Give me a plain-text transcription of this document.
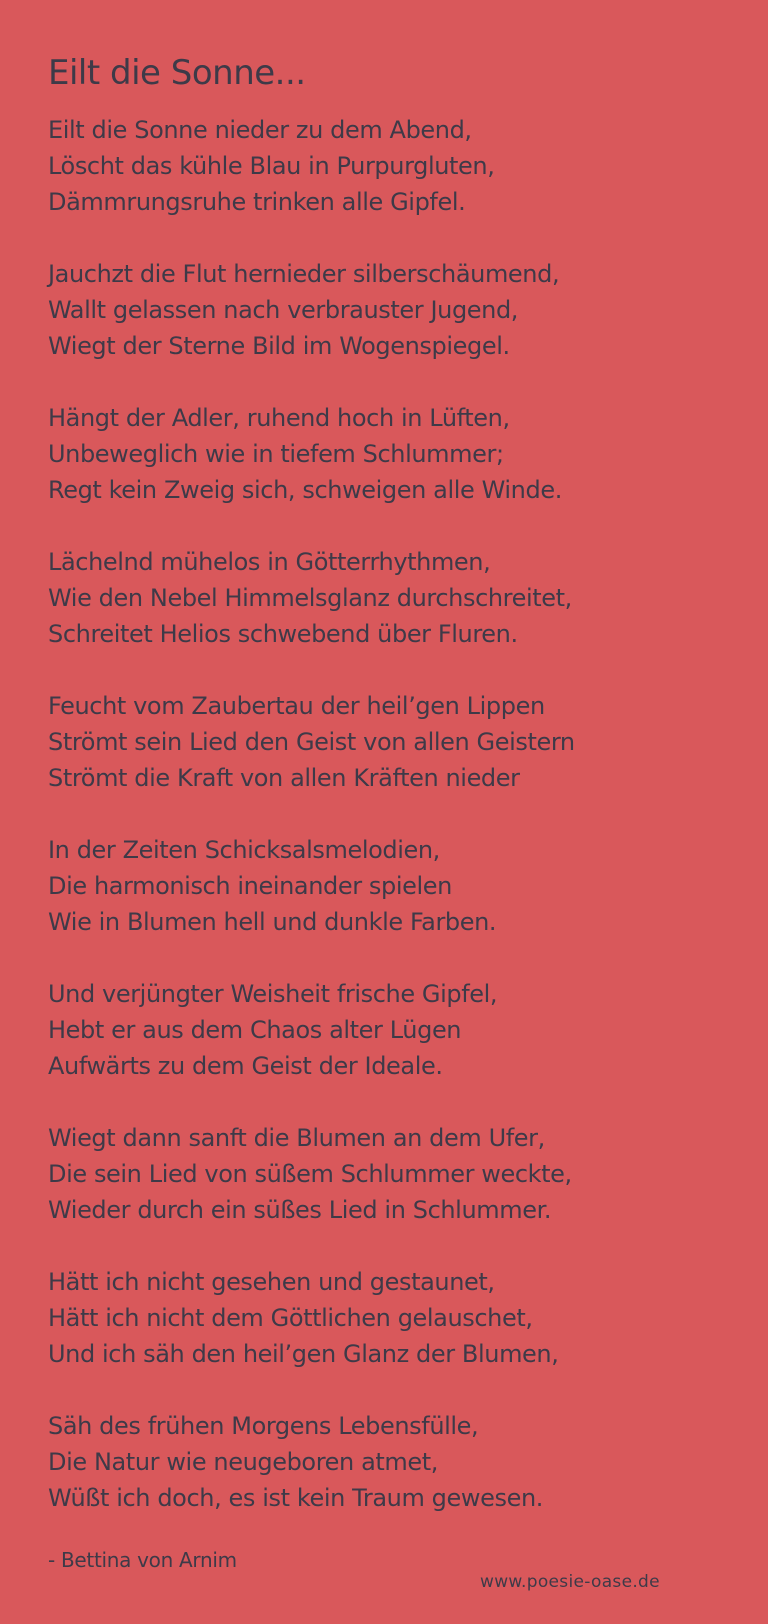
Eilt die Sonne...
Eilt die Sonne nieder zu dem Abend,
Löscht das kühle Blau in Purpurgluten,
Dämmrungsruhe trinken alle Gipfel.
Jauchzt die Flut hernieder silberschäumend,
Wallt gelassen nach verbrauster Jugend,
Wiegt der Sterne Bild im Wogenspiegel.
Hängt der Adler, ruhend hoch in Lüften,
Unbeweglich wie in tiefem Schlummer;
Regt kein Zweig sich, schweigen alle Winde.
Lächelnd mühelos in Götterrhythmen,
Wie den Nebel Himmelsglanz durchschreitet,
Schreitet Helios schwebend über Fluren.
Feucht vom Zaubertau der heil’gen Lippen
Strömt sein Lied den Geist von allen Geistern
Strömt die Kraft von allen Kräften nieder
In der Zeiten Schicksalsmelodien,
Die harmonisch ineinander spielen
Wie in Blumen hell und dunkle Farben.
Und verjüngter Weisheit frische Gipfel,
Hebt er aus dem Chaos alter Lügen
Aufwärts zu dem Geist der Ideale.
Wiegt dann sanft die Blumen an dem Ufer,
Die sein Lied von süßem Schlummer weckte,
Wieder durch ein süßes Lied in Schlummer.
Hätt ich nicht gesehen und gestaunet,
Hätt ich nicht dem Göttlichen gelauschet,
Und ich säh den heil’gen Glanz der Blumen,
Säh des frühen Morgens Lebensfülle,
Die Natur wie neugeboren atmet,
Wüßt ich doch, es ist kein Traum gewesen.
- Bettina von Arnim
www.poesie-oase.de
